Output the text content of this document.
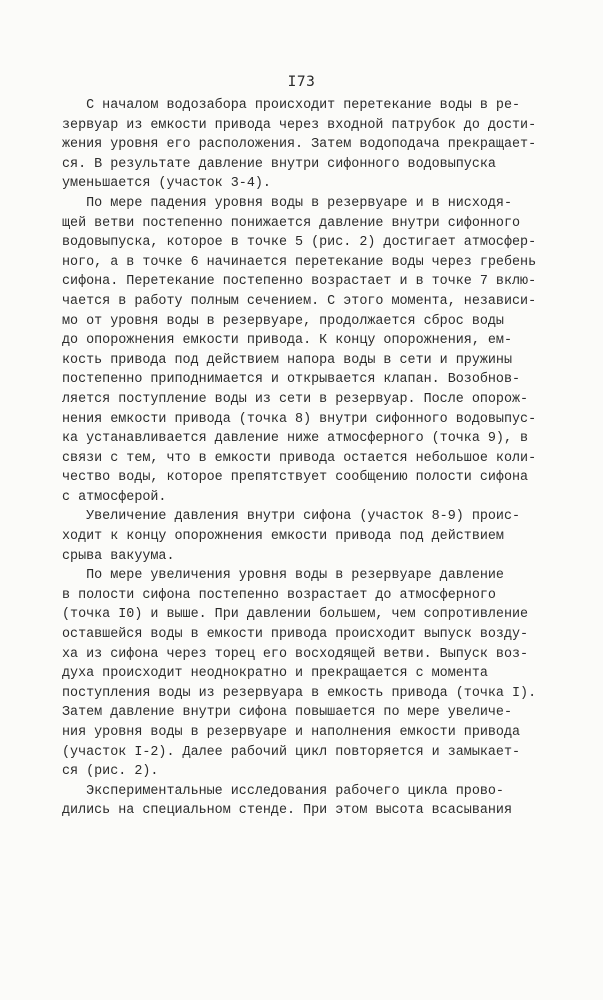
I73
С началом водозабора происходит перетекание воды в ре-
зервуар из емкости привода через входной патрубок до дости-
жения уровня его расположения. Затем водоподача прекращает-
ся. В результате давление внутри сифонного водовыпуска
уменьшается (участок 3-4).
По мере падения уровня воды в резервуаре и в нисходя-
щей ветви постепенно понижается давление внутри сифонного
водовыпуска, которое в точке 5 (рис. 2) достигает атмосфер-
ного, а в точке 6 начинается перетекание воды через гребень
сифона. Перетекание постепенно возрастает и в точке 7 вклю-
чается в работу полным сечением. С этого момента, независи-
мо от уровня воды в резервуаре, продолжается сброс воды
до опорожнения емкости привода. К концу опорожнения, ем-
кость привода под действием напора воды в сети и пружины
постепенно приподнимается и открывается клапан. Возобнов-
ляется поступление воды из сети в резервуар. После опорож-
нения емкости привода (точка 8) внутри сифонного водовыпус-
ка устанавливается давление ниже атмосферного (точка 9), в
связи с тем, что в емкости привода остается небольшое коли-
чество воды, которое препятствует сообщению полости сифона
с атмосферой.
Увеличение давления внутри сифона (участок 8-9) проис-
ходит к концу опорожнения емкости привода под действием
срыва вакуума.
По мере увеличения уровня воды в резервуаре давление
в полости сифона постепенно возрастает до атмосферного
(точка I0) и выше. При давлении большем, чем сопротивление
оставшейся воды в емкости привода происходит выпуск возду-
ха из сифона через торец его восходящей ветви. Выпуск воз-
духа происходит неоднократно и прекращается с момента
поступления воды из резервуара в емкость привода (точка I).
Затем давление внутри сифона повышается по мере увеличе-
ния уровня воды в резервуаре и наполнения емкости привода
(участок I-2). Далее рабочий цикл повторяется и замыкает-
ся (рис. 2).
Экспериментальные исследования рабочего цикла прово-
дились на специальном стенде. При этом высота всасывания
